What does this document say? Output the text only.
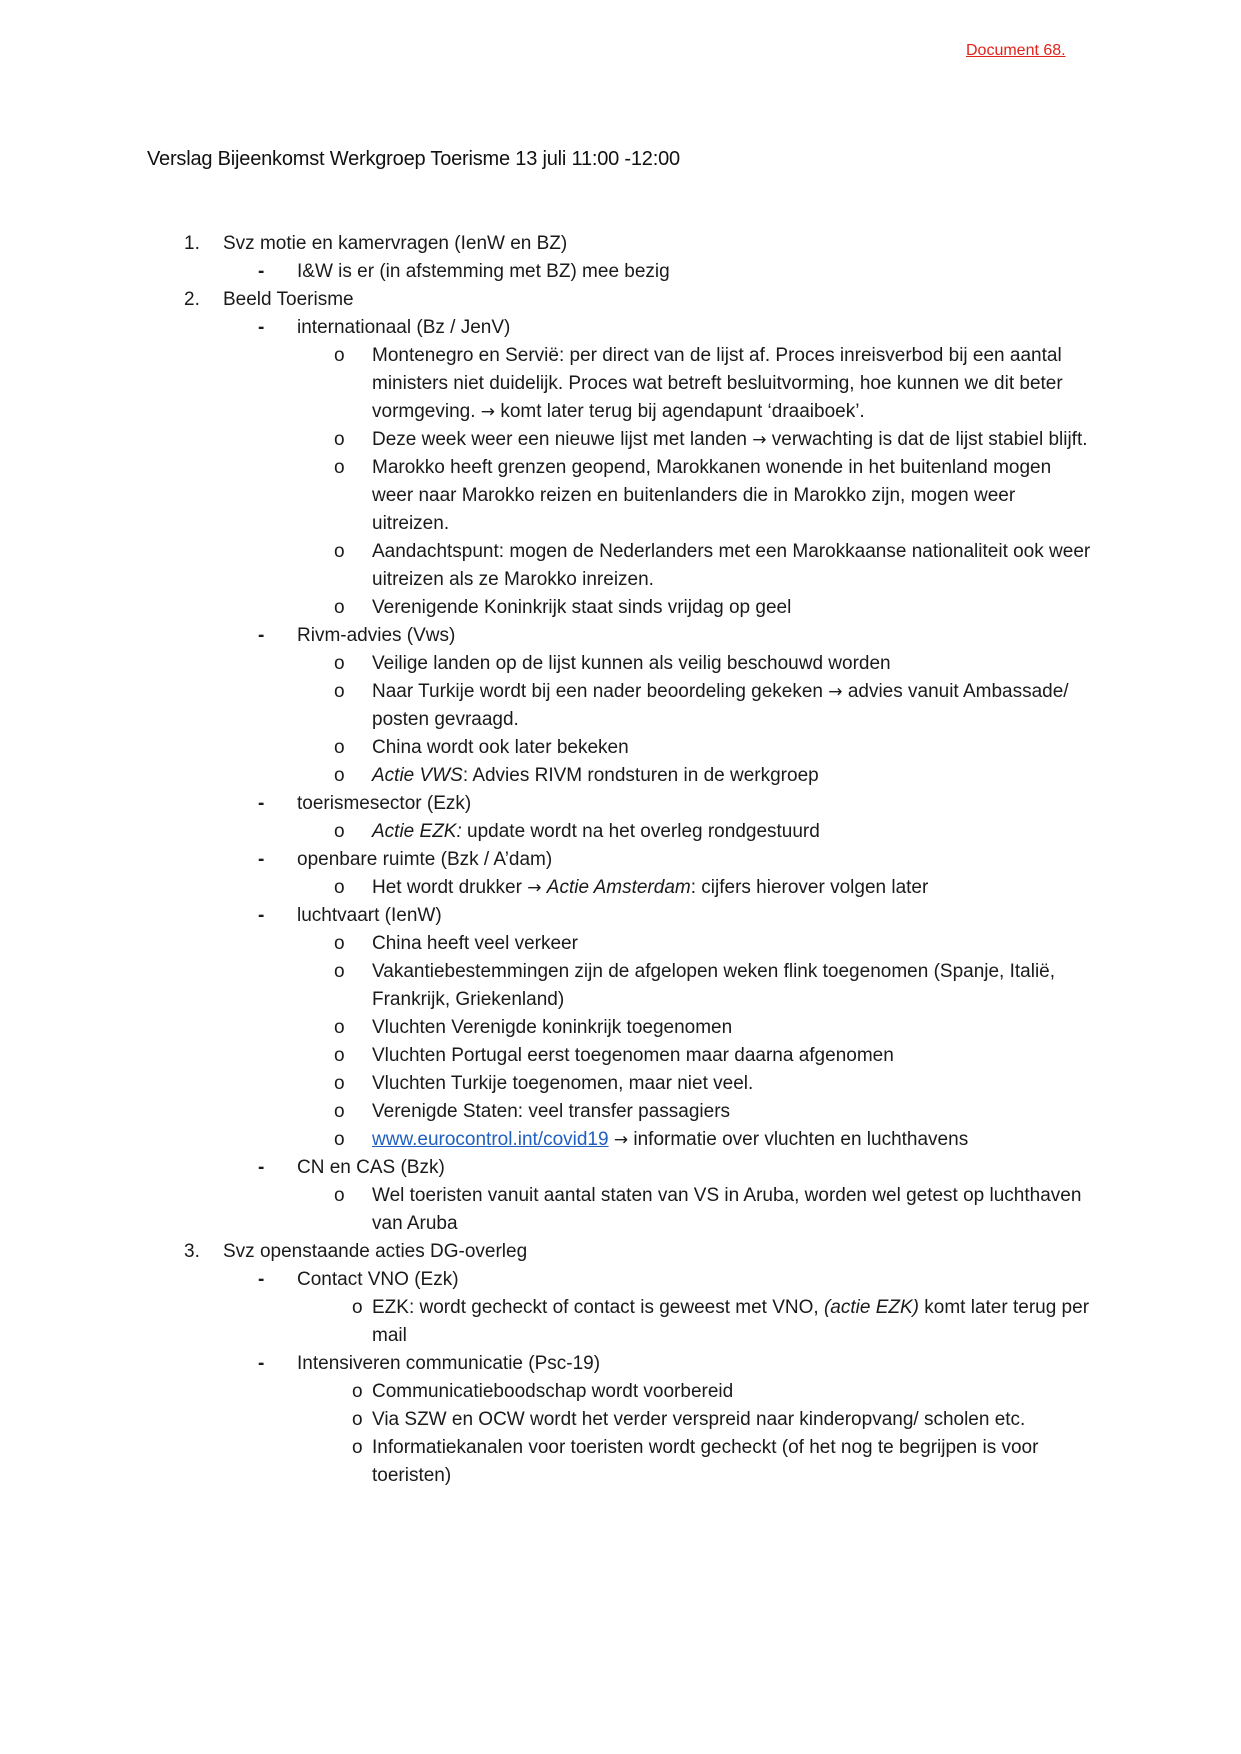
Document 68.
Verslag Bijeenkomst Werkgroep Toerisme 13 juli 11:00 -12:00
1. Svz motie en kamervragen (IenW en BZ)
- I&W is er (in afstemming met BZ) mee bezig
2. Beeld Toerisme
- internationaal (Bz / JenV)
o Montenegro en Servië: per direct van de lijst af. Proces inreisverbod bij een aantal ministers niet duidelijk. Proces wat betreft besluitvorming, hoe kunnen we dit beter vormgeving. → komt later terug bij agendapunt ‘draaiboek’.
o Deze week weer een nieuwe lijst met landen → verwachting is dat de lijst stabiel blijft.
o Marokko heeft grenzen geopend, Marokkanen wonende in het buitenland mogen weer naar Marokko reizen en buitenlanders die in Marokko zijn, mogen weer uitreizen.
o Aandachtspunt: mogen de Nederlanders met een Marokkaanse nationaliteit ook weer uitreizen als ze Marokko inreizen.
o Verenigende Koninkrijk staat sinds vrijdag op geel
- Rivm-advies (Vws)
o Veilige landen op de lijst kunnen als veilig beschouwd worden
o Naar Turkije wordt bij een nader beoordeling gekeken → advies vanuit Ambassade/ posten gevraagd.
o China wordt ook later bekeken
o Actie VWS: Advies RIVM rondsturen in de werkgroep
- toerismesector (Ezk)
o Actie EZK: update wordt na het overleg rondgestuurd
- openbare ruimte (Bzk / A’dam)
o Het wordt drukker → Actie Amsterdam: cijfers hierover volgen later
- luchtvaart (IenW)
o China heeft veel verkeer
o Vakantiebestemmingen zijn de afgelopen weken flink toegenomen (Spanje, Italië, Frankrijk, Griekenland)
o Vluchten Verenigde koninkrijk toegenomen
o Vluchten Portugal eerst toegenomen maar daarna afgenomen
o Vluchten Turkije toegenomen, maar niet veel.
o Verenigde Staten: veel transfer passagiers
o www.eurocontrol.int/covid19 → informatie over vluchten en luchthavens
- CN en CAS (Bzk)
o Wel toeristen vanuit aantal staten van VS in Aruba, worden wel getest op luchthaven van Aruba
3. Svz openstaande acties DG-overleg
- Contact VNO (Ezk)
o EZK: wordt gecheckt of contact is geweest met VNO, (actie EZK) komt later terug per mail
- Intensiveren communicatie (Psc-19)
o Communicatieboodschap wordt voorbereid
o Via SZW en OCW wordt het verder verspreid naar kinderopvang/ scholen etc.
o Informatiekanalen voor toeristen wordt gecheckt (of het nog te begrijpen is voor toeristen)
